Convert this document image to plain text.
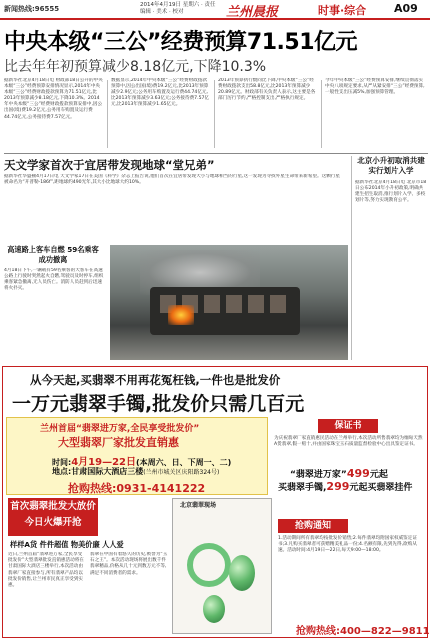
新闻热线:96555	2014年4月19日 星期六 · 责任编辑 · 美术 · 校对	兰州晨报	时事·综合	A09
中央本级“三公”经费预算71.51亿元
比去年年初预算减少8.18亿元,下降10.3%
据新华社北京4月18日电 财政部18日公开的中央本级“三公”经费预算安排情况显示,2014年中央本级“三公”经费财政拨款预算为71.51亿元,比2013年预算减少8.18亿元,下降10.3%。2014年中央本级“三公”经费财政拨款预算安排中,因公出国(境)费19.2亿元,公务用车购置及运行费44.74亿元,公务接待费7.57亿元。
数据显示,2014年中央本级“三公”经费财政拨款预算中,因公出国(境)费19.2亿元,比2013年预算减少2.9亿元;公务用车购置及运行费44.74亿元,比2013年预算减少3.63亿元;公务接待费7.57亿元,比2013年预算减少1.65亿元。
2013年预算执行数同比下降,中央本级“三公”经费财政拨款支出58.8亿元,比2013年预算减少20.89亿元。财政部有关负责人表示,这主要是各部门厉行节约,严格控制支出,严格执行规定。
今年中央本级“三公”经费预算安排,继续贯彻落实中央八项规定要求,从严从紧安排“三公”经费预算,一般性支出压减5%,加强预算管理。
天文学家首次于宜居带发现地球“堂兄弟”
据新华社华盛顿4月17日电 天文学家17日在美国《科学》杂志上报告说,他们首次在宜居带发现大小与地球相当的行星,这一发现为寻找外星生命带来新希望。这颗行星被命名为“开普勒-186f”,距地球约490光年,其大小比地球大约10%。
北京小升初取消共建实行划片入学
据新华社北京4月18日电 北京市18日公布2014年小升初政策,明确共建生招生取消,推行划片入学、多校划片等,努力实现教育公平。
高速路上客车自燃 59名乘客成功撤离
4月18日下午,一辆载有59名乘客的大客车在高速公路上行驶时突然起火自燃,驾驶员及时停车,组织乘客紧急撤离,无人员伤亡。消防人员赶到后迅速将火扑灭。
从今天起,买翡翠不用再花冤枉钱,一件也是批发价
一万元翡翠手镯,批发价只需几百元
兰州首届“翡翠进万家,全民享受批发价”
大型翡翠厂家批发直销惠
时间:4月19—22日(本周六、日、下周一、二)
地点:甘肃国际大酒店三楼(兰州市城关区庆阳路324号)
抢购热线:0931-4141222
保证书
为庆祝翡翠厂家直销惠民活动在兰州举行,本次活动所售翡翠均为缅甸天然A货翡翠,假一赔十,并由国家珠宝玉石质量监督检验中心出具鉴定证书。
“翡翠进万家”499元起
买翡翠手镯,299元起买翡翠挂件
首次翡翠批发大放价
今日火爆开抢
样样A货 件件超值 物美价廉 人人爱
近日,兰州首届“翡翠进万家,全民享受批发价”大型翡翠批发直销惠活动将在甘肃国际大酒店三楼举行,本次活动由翡翠厂家直接参与,所有翡翠产品均以批发价销售,让兰州市民真正享受到实惠。
翡翠在中国有着悠久的历史,被誉为“玉石之王”。本次活动现场将展出数千件翡翠精品,价格从几十元到数万元不等,满足不同消费者的需求。
北京翡翠现场
抢购通知
1.活动期间所有翡翠均按批发价销售;2.每件翡翠均附国家权威鉴定证书;3.凡购买翡翠者可获赠精美礼品一份;4.名额有限,先到先得,欲购从速。活动时间:4月19日—22日,每天9:00—18:00。
抢购热线:400—822—9811
